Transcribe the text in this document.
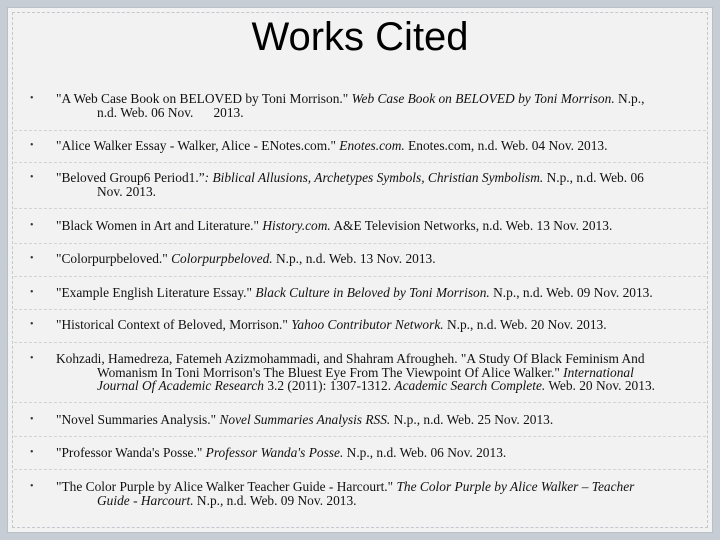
Works Cited
• "A Web Case Book on BELOVED by Toni Morrison." Web Case Book on BELOVED by Toni Morrison. N.p.,
n.d. Web. 06 Nov.      2013.
• "Alice Walker Essay - Walker, Alice - ENotes.com." Enotes.com. Enotes.com, n.d. Web. 04 Nov. 2013.
• "Beloved Group6 Period1.”: Biblical Allusions, Archetypes Symbols, Christian Symbolism. N.p., n.d. Web. 06
Nov. 2013.
• "Black Women in Art and Literature." History.com. A&E Television Networks, n.d. Web. 13 Nov. 2013.
• "Colorpurpbeloved." Colorpurpbeloved. N.p., n.d. Web. 13 Nov. 2013.
• "Example English Literature Essay." Black Culture in Beloved by Toni Morrison. N.p., n.d. Web. 09 Nov. 2013.
• "Historical Context of Beloved, Morrison." Yahoo Contributor Network. N.p., n.d. Web. 20 Nov. 2013.
• Kohzadi, Hamedreza, Fatemeh Azizmohammadi, and Shahram Afrougheh. "A Study Of Black Feminism And
Womanism In Toni Morrison's The Bluest Eye From The Viewpoint Of Alice Walker." International
Journal Of Academic Research 3.2 (2011): 1307-1312. Academic Search Complete. Web. 20 Nov. 2013.
• "Novel Summaries Analysis." Novel Summaries Analysis RSS. N.p., n.d. Web. 25 Nov. 2013.
• "Professor Wanda's Posse." Professor Wanda's Posse. N.p., n.d. Web. 06 Nov. 2013.
• "The Color Purple by Alice Walker Teacher Guide - Harcourt." The Color Purple by Alice Walker – Teacher
Guide - Harcourt. N.p., n.d. Web. 09 Nov. 2013.
